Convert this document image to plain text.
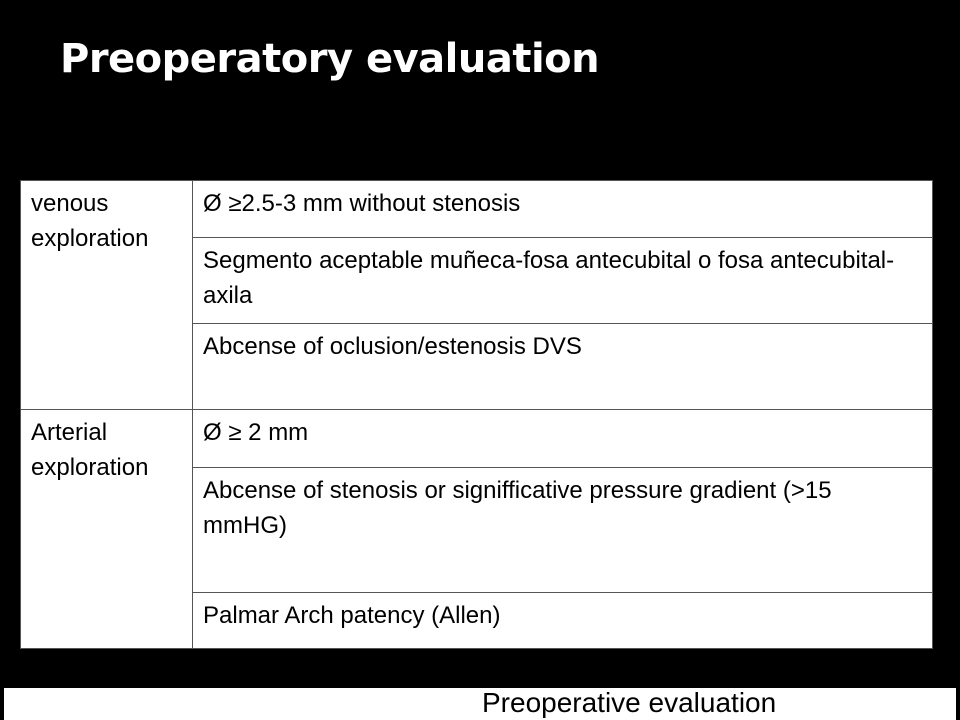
Preoperatory evaluation
venous exploration	Ø ≥2.5-3 mm without stenosis
	Segmento aceptable muñeca-fosa antecubital o fosa antecubital-axila
	Abcense of oclusion/estenosis DVS
Arterial exploration	Ø ≥ 2 mm
	Abcense of stenosis or signifficative pressure gradient (>15 mmHG)
	Palmar Arch patency (Allen)
Preoperative evaluation
